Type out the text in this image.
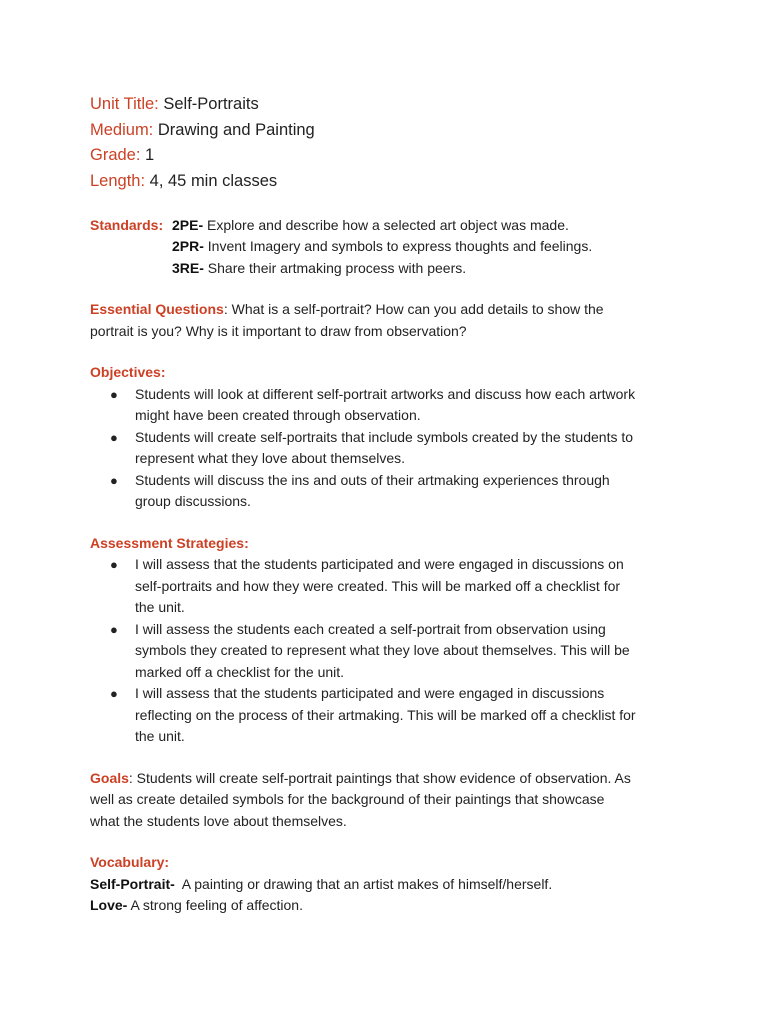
Unit Title: Self-Portraits
Medium: Drawing and Painting
Grade: 1
Length: 4, 45 min classes
Standards: 2PE- Explore and describe how a selected art object was made.
2PR- Invent Imagery and symbols to express thoughts and feelings.
3RE- Share their artmaking process with peers.
Essential Questions: What is a self-portrait? How can you add details to show the
portrait is you? Why is it important to draw from observation?
Objectives:
● Students will look at different self-portrait artworks and discuss how each artwork
might have been created through observation.
● Students will create self-portraits that include symbols created by the students to
represent what they love about themselves.
● Students will discuss the ins and outs of their artmaking experiences through
group discussions.
Assessment Strategies:
● I will assess that the students participated and were engaged in discussions on
self-portraits and how they were created. This will be marked off a checklist for
the unit.
● I will assess the students each created a self-portrait from observation using
symbols they created to represent what they love about themselves. This will be
marked off a checklist for the unit.
● I will assess that the students participated and were engaged in discussions
reflecting on the process of their artmaking. This will be marked off a checklist for
the unit.
Goals: Students will create self-portrait paintings that show evidence of observation. As
well as create detailed symbols for the background of their paintings that showcase
what the students love about themselves.
Vocabulary:
Self-Portrait-  A painting or drawing that an artist makes of himself/herself.
Love- A strong feeling of affection.
